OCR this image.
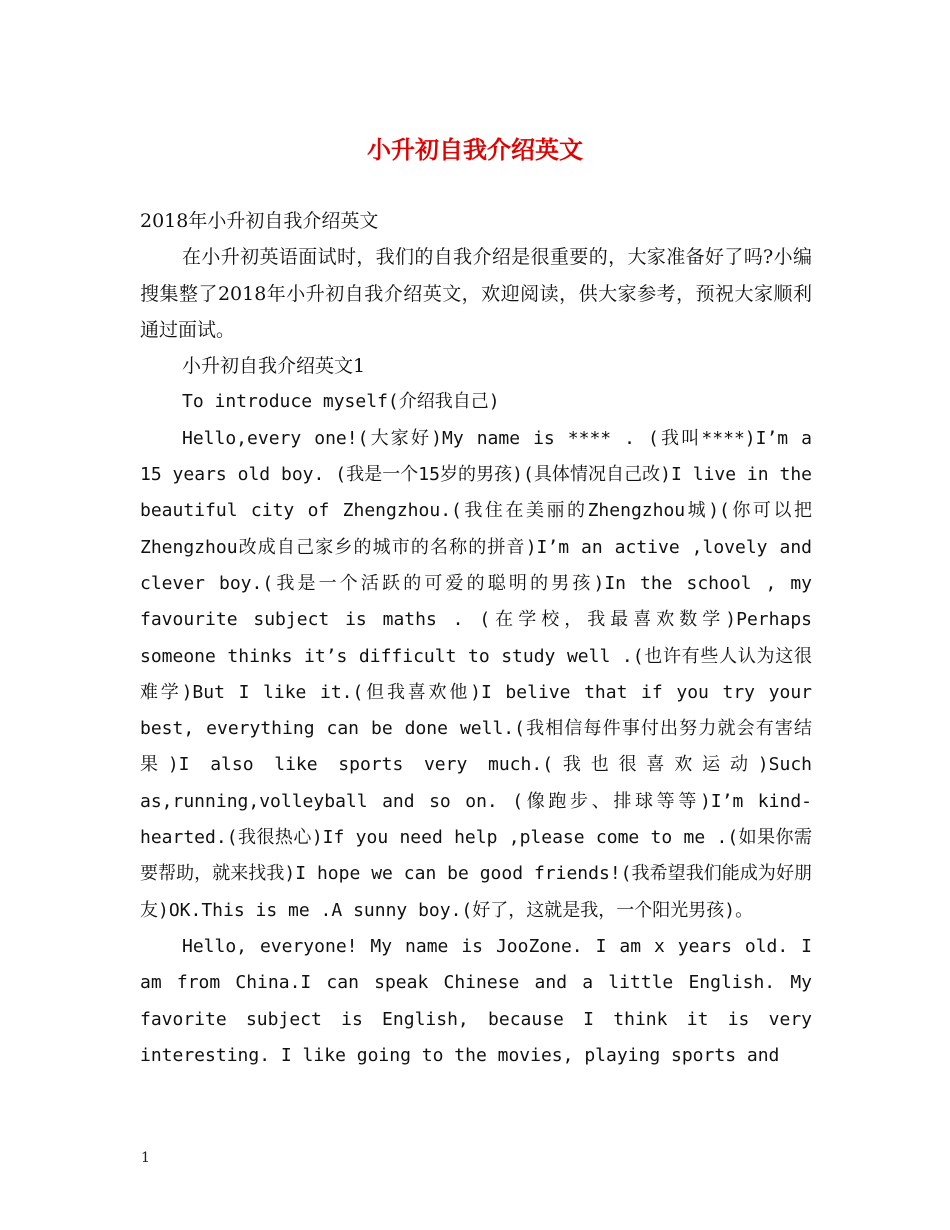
小升初自我介绍英文

2018年小升初自我介绍英文

在小升初英语面试时，我们的自我介绍是很重要的，大家准备好了吗?小编搜集整了2018年小升初自我介绍英文，欢迎阅读，供大家参考，预祝大家顺利通过面试。

小升初自我介绍英文1

To introduce myself(介绍我自己)

Hello,every one!(大家好)My name is **** . (我叫****)I’m a 15 years old boy. (我是一个15岁的男孩)(具体情况自己改)I live in the beautiful city of Zhengzhou.(我住在美丽的Zhengzhou城)(你可以把Zhengzhou改成自己家乡的城市的名称的拼音)I’m an active ,lovely and clever boy.(我是一个活跃的可爱的聪明的男孩)In the school , my favourite subject is maths . (在学校，我最喜欢数学)Perhaps someone thinks it’s difficult to study well .(也许有些人认为这很难学)But I like it.(但我喜欢他)I belive that if you try your best, everything can be done well.(我相信每件事付出努力就会有害结果)I also like sports very much.(我也很喜欢运动)Such as,running,volleyball and so on. (像跑步、排球等等)I’m kind-hearted.(我很热心)If you need help ,please come to me .(如果你需要帮助，就来找我)I hope we can be good friends!(我希望我们能成为好朋友)OK.This is me .A sunny boy.(好了，这就是我，一个阳光男孩)。

Hello, everyone! My name is JooZone. I am x years old. I am from China.I can speak Chinese and a little English. My favorite subject is English, because I think it is very interesting. I like going to the movies, playing sports and

1
